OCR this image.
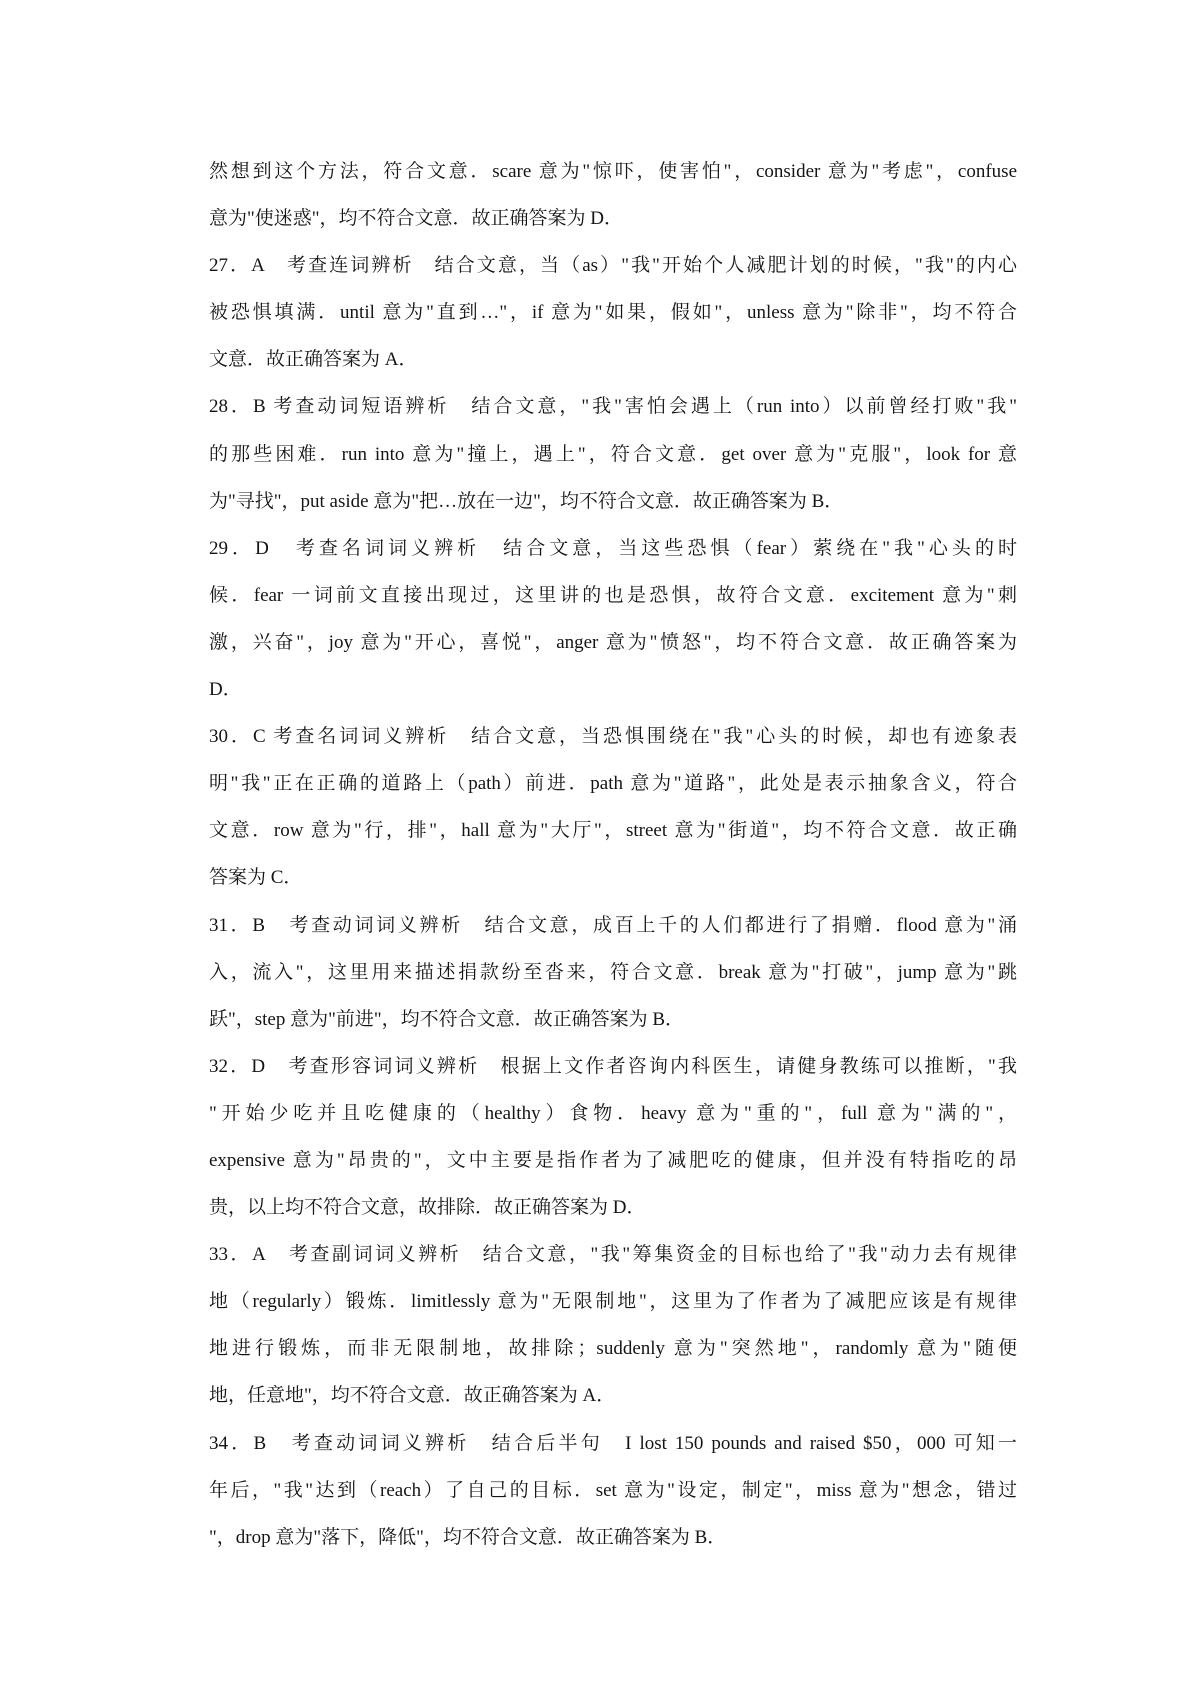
然想到这个方法，符合文意．scare 意为"惊吓，使害怕"，consider 意为"考虑"，confuse
意为"使迷惑"，均不符合文意．故正确答案为 D．
27．A　考查连词辨析　结合文意，当（as）"我"开始个人减肥计划的时候，"我"的内心
被恐惧填满．until 意为"直到…"，if 意为"如果，假如"，unless 意为"除非"，均不符合
文意．故正确答案为 A．
28．B 考查动词短语辨析　结合文意，"我"害怕会遇上（run into）以前曾经打败"我"
的那些困难．run into 意为"撞上，遇上"，符合文意．get over 意为"克服"，look for 意
为"寻找"，put aside 意为"把…放在一边"，均不符合文意．故正确答案为 B．
29．D　考查名词词义辨析　结合文意，当这些恐惧（fear）萦绕在"我"心头的时
候．fear 一词前文直接出现过，这里讲的也是恐惧，故符合文意．excitement 意为"刺
激，兴奋"，joy 意为"开心，喜悦"，anger 意为"愤怒"，均不符合文意．故正确答案为
D．
30．C 考查名词词义辨析　结合文意，当恐惧围绕在"我"心头的时候，却也有迹象表
明"我"正在正确的道路上（path）前进．path 意为"道路"，此处是表示抽象含义，符合
文意．row 意为"行，排"，hall 意为"大厅"，street 意为"街道"，均不符合文意．故正确
答案为 C．
31．B　考查动词词义辨析　结合文意，成百上千的人们都进行了捐赠．flood 意为"涌
入，流入"，这里用来描述捐款纷至沓来，符合文意．break 意为"打破"，jump 意为"跳
跃"，step 意为"前进"，均不符合文意．故正确答案为 B．
32．D　考查形容词词义辨析　根据上文作者咨询内科医生，请健身教练可以推断，"我
"开始少吃并且吃健康的（healthy）食物．heavy 意为"重的"，full 意为"满的"，
expensive 意为"昂贵的"，文中主要是指作者为了减肥吃的健康，但并没有特指吃的昂
贵，以上均不符合文意，故排除．故正确答案为 D．
33．A　考查副词词义辨析　结合文意，"我"筹集资金的目标也给了"我"动力去有规律
地（regularly）锻炼．limitlessly 意为"无限制地"，这里为了作者为了减肥应该是有规律
地进行锻炼，而非无限制地，故排除；suddenly 意为"突然地"，randomly 意为"随便
地，任意地"，均不符合文意．故正确答案为 A．
34．B　考查动词词义辨析　结合后半句　I lost 150 pounds and raised $50，000 可知一
年后，"我"达到（reach）了自己的目标．set 意为"设定，制定"，miss 意为"想念，错过
"，drop 意为"落下，降低"，均不符合文意．故正确答案为 B．
